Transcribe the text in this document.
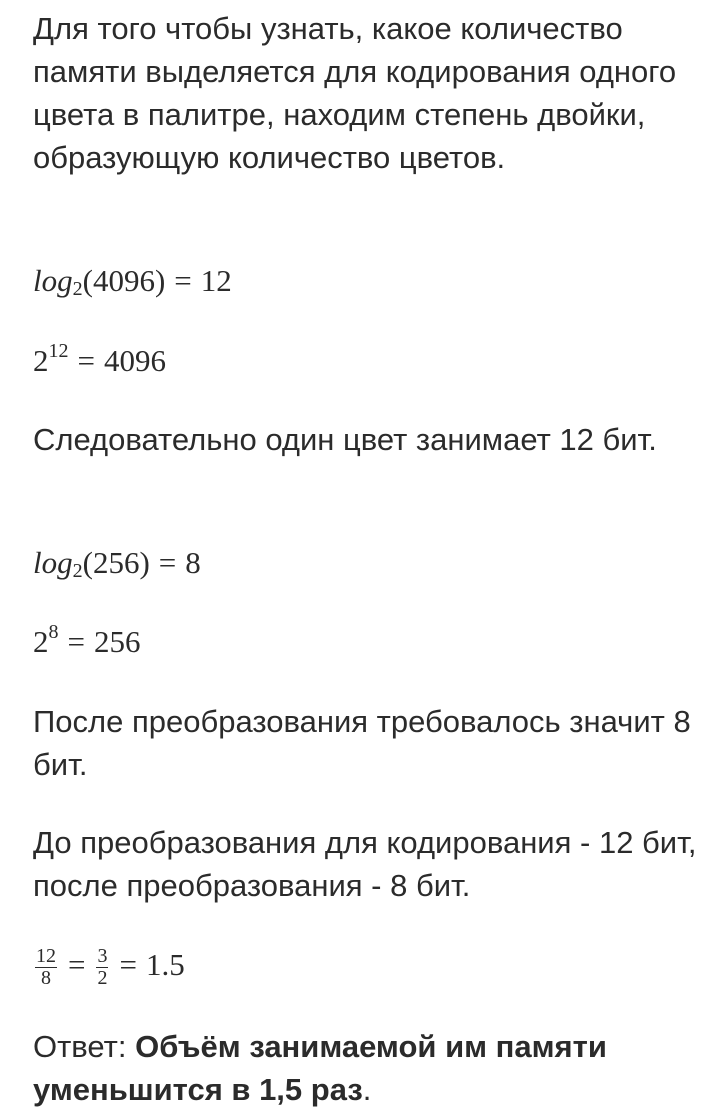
Для того чтобы узнать, какое количество памяти выделяется для кодирования одного цвета в палитре, находим степень двойки, образующую количество цветов.

$\log_2(4096) = 12$
$2^{12} = 4096$

Следовательно один цвет занимает 12 бит.

$\log_2(256) = 8$
$2^8 = 256$

После преобразования требовалось значит 8 бит.

До преобразования для кодирования - 12 бит, после преобразования - 8 бит.

$\frac{12}{8} = \frac{3}{2} = 1.5$

Ответ: Объём занимаемой им памяти уменьшится в 1,5 раз.
